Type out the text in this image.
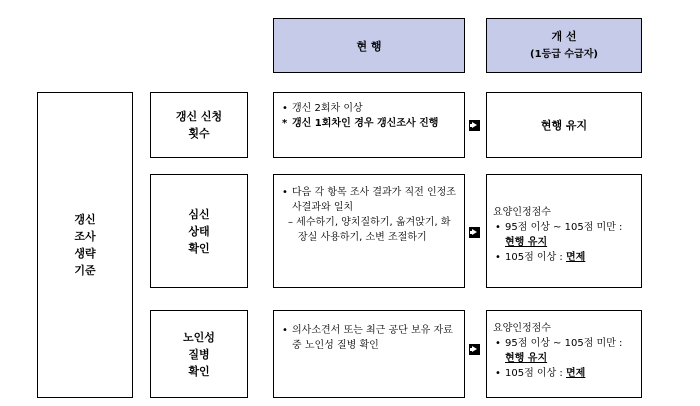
현 행
개 선
(1등급 수급자)
갱신
조사
생략
기준
갱신 신청
횟수
• 갱신 2회차 이상
* 갱신 1회차인 경우 갱신조사 진행	현행 유지
심신
상태
확인
• 다음 각 항목 조사 결과가 직전 인정조사결과와 일치
– 세수하기, 양치질하기, 옮겨앉기, 화장실 사용하기, 소변 조절하기
요양인정점수
• 95점 이상 ~ 105점 미만 :
현행 유지
• 105점 이상 : 면제
노인성
질병
확인
• 의사소견서 또는 최근 공단 보유 자료 중 노인성 질병 확인
요양인정점수
• 95점 이상 ~ 105점 미만 :
현행 유지
• 105점 이상 : 면제
